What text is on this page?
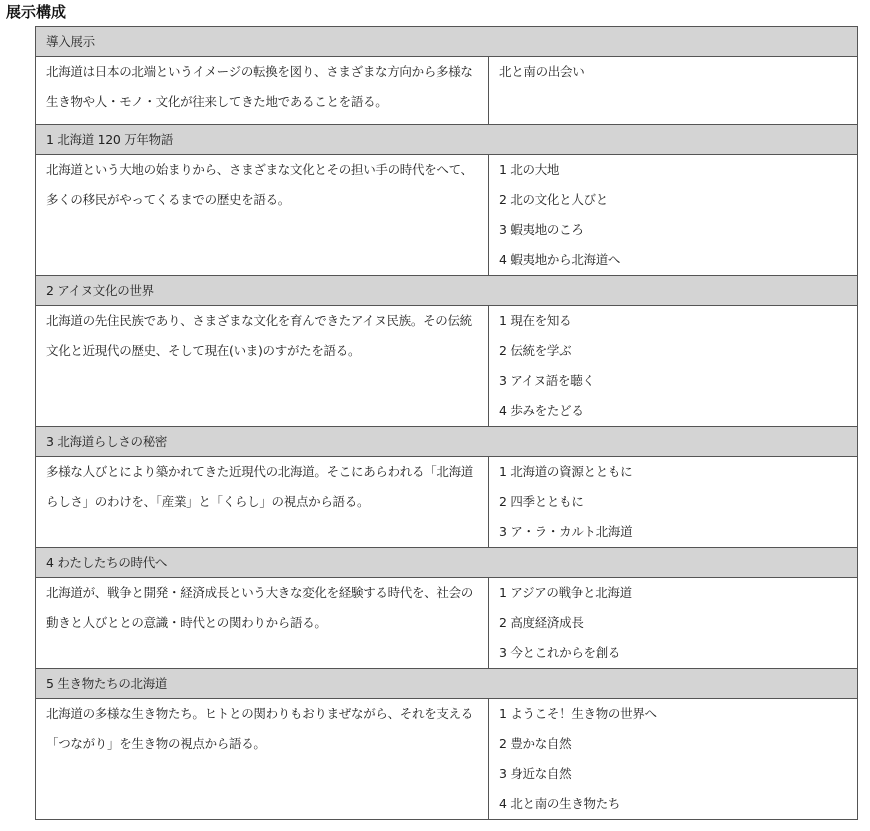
展示構成
導入展示	

北海道は日本の北端というイメージの転換を図り、さまざまな方向から多様な生き物や人・モノ・文化が往来してきた地であることを語る。	北と南の出会い

1 北海道 120 万年物語	

北海道という大地の始まりから、さまざまな文化とその担い手の時代をへて、多くの移民がやってくるまでの歴史を語る。	1 北の大地
2 北の文化と人びと
3 蝦夷地のころ
4 蝦夷地から北海道へ

2 アイヌ文化の世界	

北海道の先住民族であり、さまざまな文化を育んできたアイヌ民族。その伝統文化と近現代の歴史、そして現在(いま)のすがたを語る。	1 現在を知る
2 伝統を学ぶ
3 アイヌ語を聴く
4 歩みをたどる

3 北海道らしさの秘密	

多様な人びとにより築かれてきた近現代の北海道。そこにあらわれる「北海道らしさ」のわけを、「産業」と「くらし」の視点から語る。	1 北海道の資源とともに
2 四季とともに
3 ア・ラ・カルト北海道

4 わたしたちの時代へ	

北海道が、戦争と開発・経済成長という大きな変化を経験する時代を、社会の動きと人びととの意識・時代との関わりから語る。	1 アジアの戦争と北海道
2 高度経済成長
3 今とこれからを創る

5 生き物たちの北海道	

北海道の多様な生き物たち。ヒトとの関わりもおりまぜながら、それを支える「つながり」を生き物の視点から語る。	1 ようこそ！生き物の世界へ
2 豊かな自然
3 身近な自然
4 北と南の生き物たち
